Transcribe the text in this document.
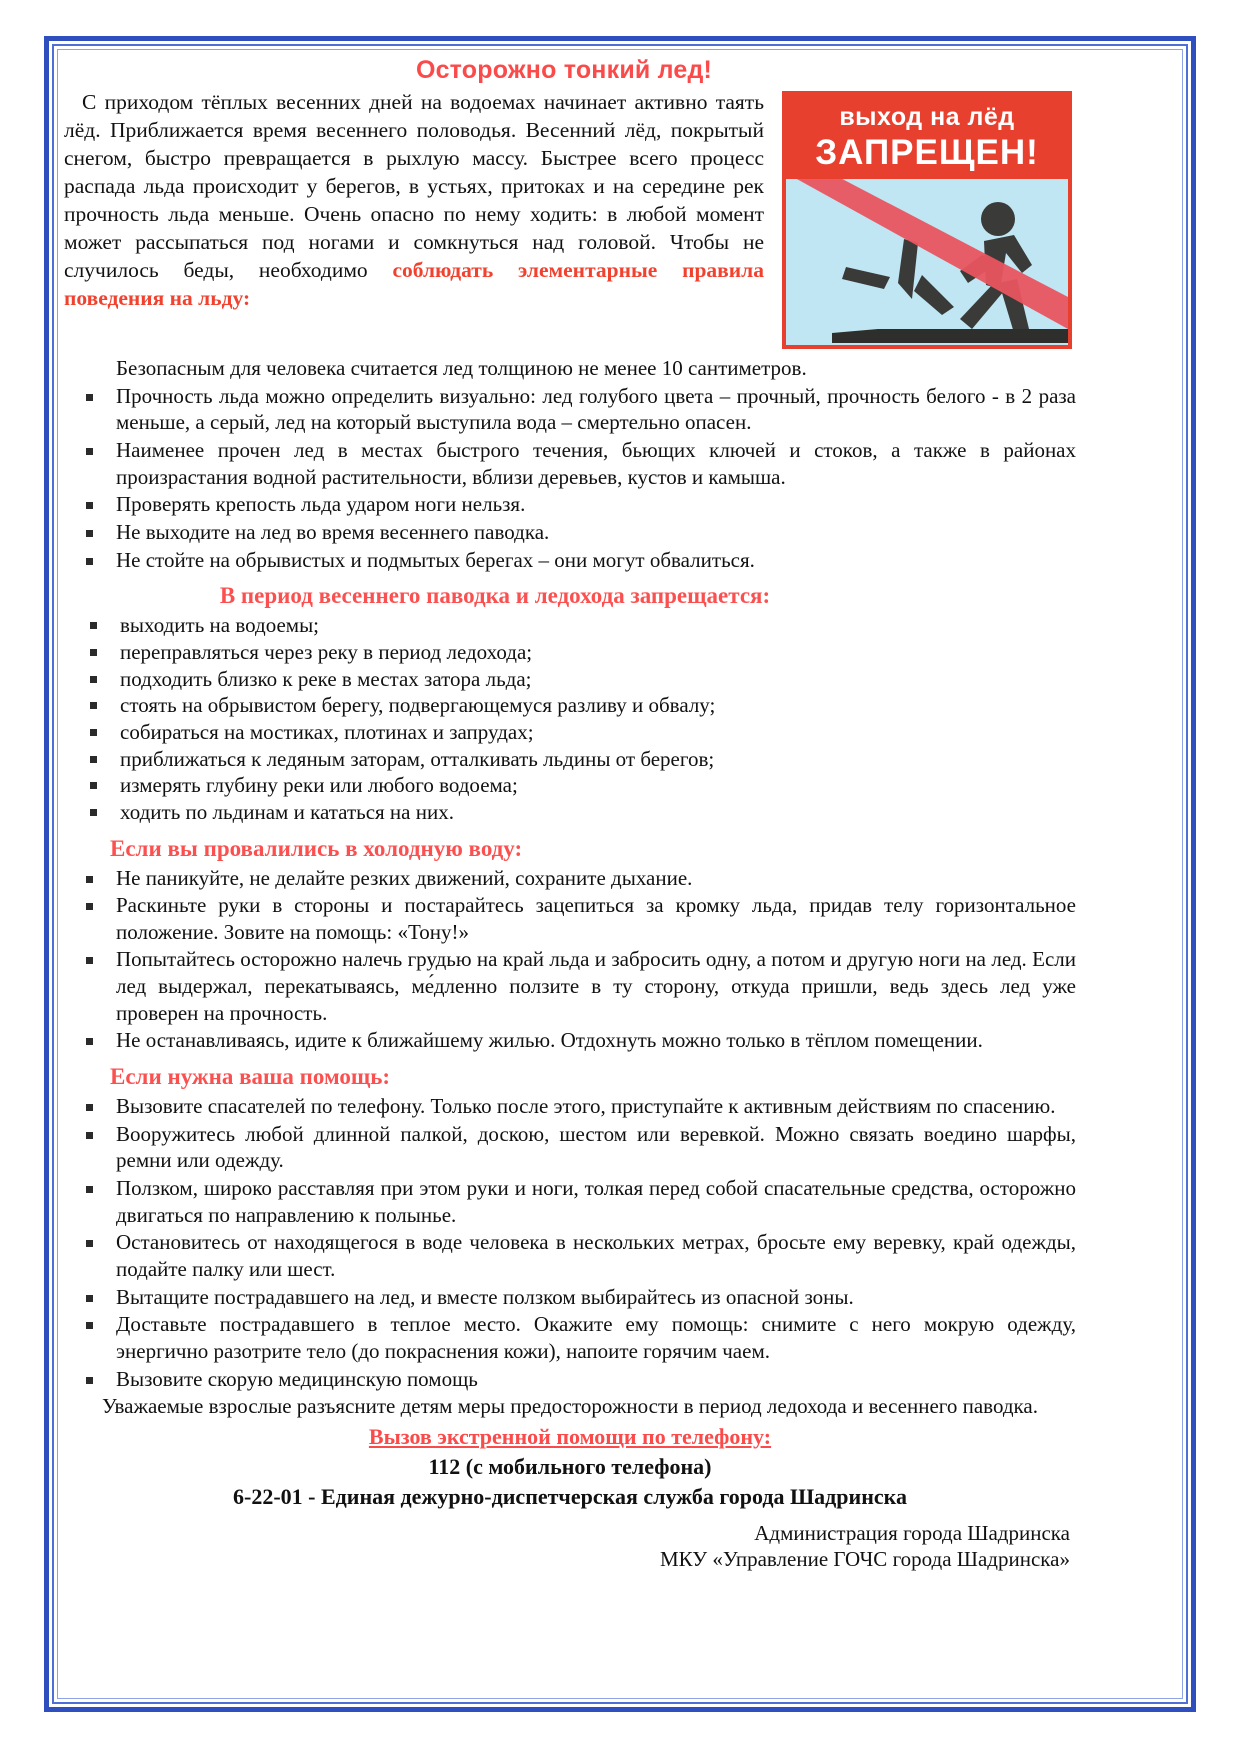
Осторожно тонкий лед!
выход на лёд
ЗАПРЕЩЕН!

С приходом тёплых весенних дней на водоемах начинает активно таять лёд. Приближается время весеннего половодья. Весенний лёд, покрытый снегом, быстро превращается в рыхлую массу. Быстрее всего процесс распада льда происходит у берегов, в устьях, притоках и на середине рек прочность льда меньше. Очень опасно по нему ходить: в любой момент может рассыпаться под ногами и сомкнуться над головой. Чтобы не случилось беды, необходимо соблюдать элементарные правила поведения на льду:

Безопасным для человека считается лед толщиною не менее 10 сантиметров.
Прочность льда можно определить визуально: лед голубого цвета – прочный, прочность белого - в 2 раза меньше, а серый, лед на который выступила вода – смертельно опасен.
Наименее прочен лед в местах быстрого течения, бьющих ключей и стоков, а также в районах произрастания водной растительности, вблизи деревьев, кустов и камыша.
Проверять крепость льда ударом ноги нельзя.
Не выходите на лед во время весеннего паводка.
Не стойте на обрывистых и подмытых берегах – они могут обвалиться.
В период весеннего паводка и ледохода запрещается:
выходить на водоемы;
переправляться через реку в период ледохода;
подходить близко к реке в местах затора льда;
стоять на обрывистом берегу, подвергающемуся разливу и обвалу;
собираться на мостиках, плотинах и запрудах;
приближаться к ледяным заторам, отталкивать льдины от берегов;
измерять глубину реки или любого водоема;
ходить по льдинам и кататься на них.
Если вы провалились в холодную воду:
Не паникуйте, не делайте резких движений, сохраните дыхание.
Раскиньте руки в стороны и постарайтесь зацепиться за кромку льда, придав телу горизонтальное положение. Зовите на помощь: «Тону!»
Попытайтесь осторожно налечь грудью на край льда и забросить одну, а потом и другую ноги на лед. Если лед выдержал, перекатываясь, ме́дленно ползите в ту сторону, откуда пришли, ведь здесь лед уже проверен на прочность.
Не останавливаясь, идите к ближайшему жилью. Отдохнуть можно только в тёплом помещении.
Если нужна ваша помощь:
Вызовите спасателей по телефону. Только после этого, приступайте к активным действиям по спасению.
Вооружитесь любой длинной палкой, доскою, шестом или веревкой. Можно связать воедино шарфы, ремни или одежду.
Ползком, широко расставляя при этом руки и ноги, толкая перед собой спасательные средства, осторожно двигаться по направлению к полынье.
Остановитесь от находящегося в воде человека в нескольких метрах, бросьте ему веревку, край одежды, подайте палку или шест.
Вытащите пострадавшего на лед, и вместе ползком выбирайтесь из опасной зоны.
Доставьте пострадавшего в теплое место. Окажите ему помощь: снимите с него мокрую одежду, энергично разотрите тело (до покраснения кожи), напоите горячим чаем.
Вызовите скорую медицинскую помощь
Уважаемые взрослые разъясните детям меры предосторожности в период ледохода и весеннего паводка.
Вызов экстренной помощи по телефону:
112 (с мобильного телефона)
6-22-01 - Единая дежурно-диспетчерская служба города Шадринска
Администрация города Шадринска
МКУ «Управление ГОЧС города Шадринска»
